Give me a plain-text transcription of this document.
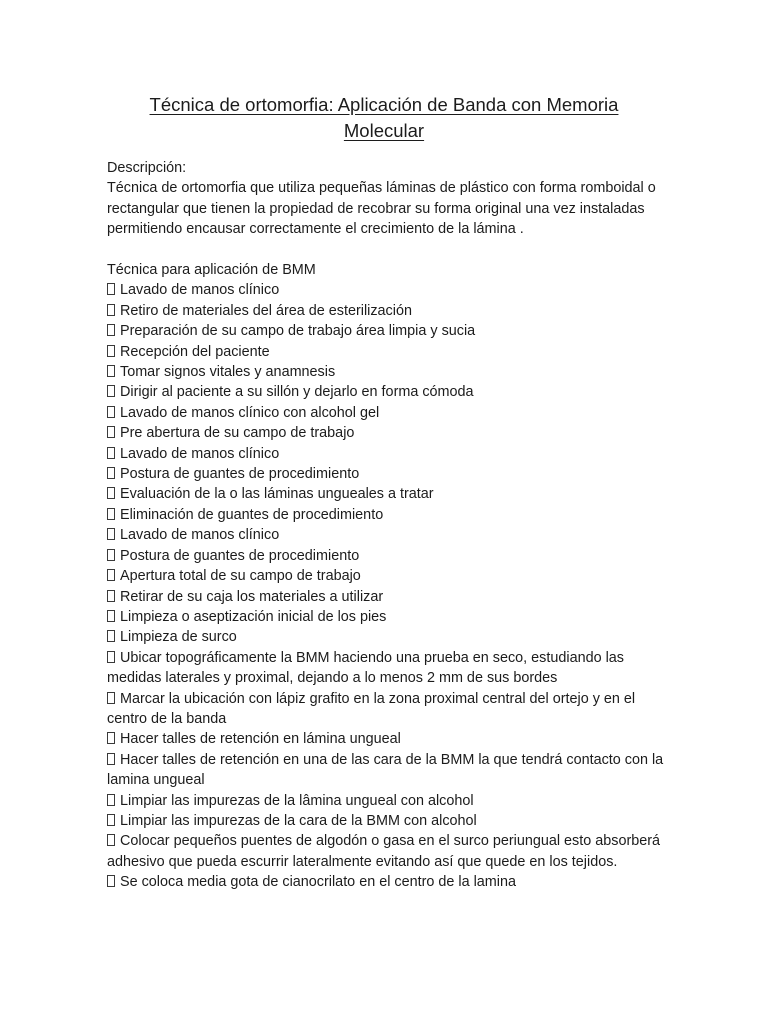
Técnica de ortomorfia: Aplicación de Banda con Memoria Molecular

Descripción:

Técnica de ortomorfia que utiliza pequeñas láminas de plástico con forma romboidal o rectangular que tienen la propiedad de recobrar su forma original una vez instaladas permitiendo encausar correctamente el crecimiento de la lámina .

Técnica para aplicación de BMM

Lavado de manos clínico
Retiro de materiales del área de esterilización
Preparación de su campo de trabajo área limpia y sucia
Recepción del paciente
Tomar signos vitales y anamnesis
Dirigir al paciente a su sillón y dejarlo en forma cómoda
Lavado de manos clínico con alcohol gel
Pre abertura de su campo de trabajo
Lavado de manos clínico
Postura de guantes de procedimiento
Evaluación de la o las láminas ungueales a tratar
Eliminación de guantes de procedimiento
Lavado de manos clínico
Postura de guantes de procedimiento
Apertura total de su campo de trabajo
Retirar de su caja los materiales a utilizar
Limpieza o aseptización inicial de los pies
Limpieza de surco
Ubicar topográficamente la BMM haciendo una prueba en seco, estudiando las medidas laterales y proximal, dejando a lo menos 2 mm de sus bordes
Marcar la ubicación con lápiz grafito en la zona proximal central del ortejo y en el centro de la banda
Hacer talles de retención en lámina ungueal
Hacer talles de retención en una de las cara de la BMM la que tendrá contacto con la lamina ungueal
Limpiar las impurezas de la lâmina ungueal con alcohol
Limpiar las impurezas de la cara de la BMM con alcohol
Colocar pequeños puentes de algodón o gasa en el surco periungual esto absorberá adhesivo que pueda escurrir lateralmente evitando así que quede en los tejidos.
Se coloca media gota de cianocrilato en el centro de la lamina
